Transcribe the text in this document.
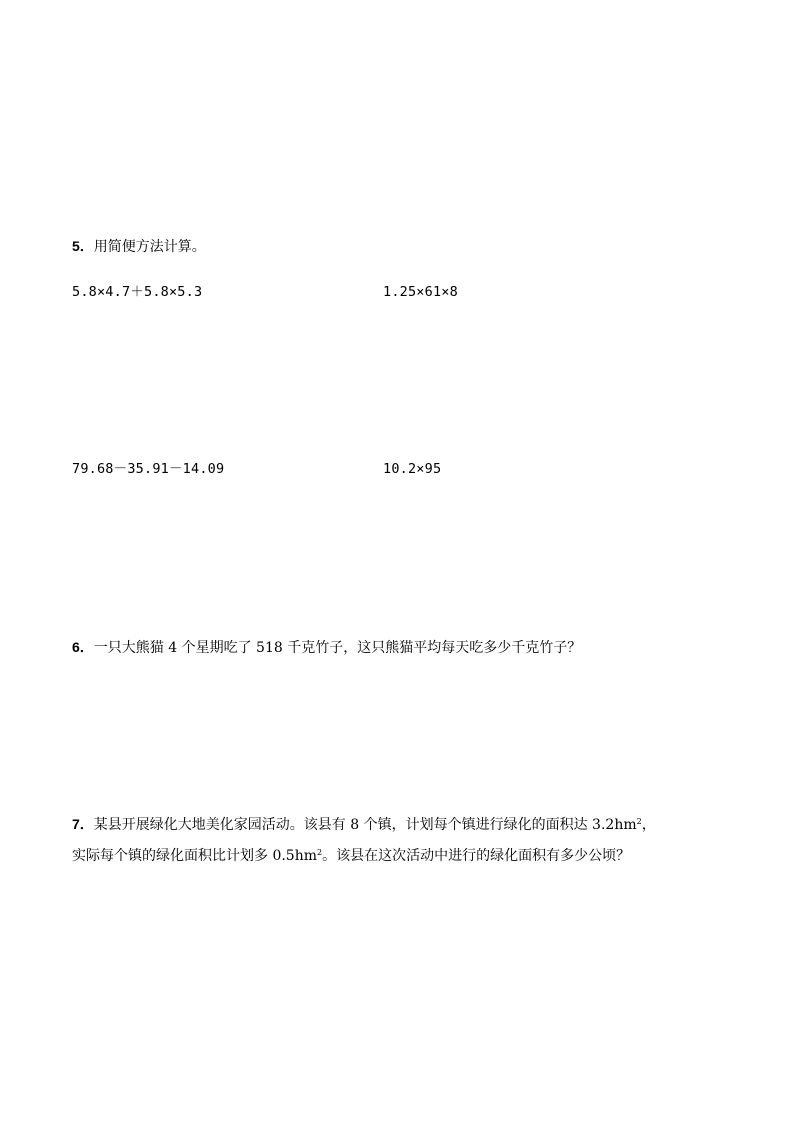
5．用简便方法计算。
5.8×4.7＋5.8×5.3	1.25×61×8
79.68－35.91－14.09	10.2×95
6．一只大熊猫 4 个星期吃了 518 千克竹子，这只熊猫平均每天吃多少千克竹子？
7．某县开展绿化大地美化家园活动。该县有 8 个镇，计划每个镇进行绿化的面积达 $3.2hm^2$，
实际每个镇的绿化面积比计划多 $0.5hm^2$。该县在这次活动中进行的绿化面积有多少公顷？
